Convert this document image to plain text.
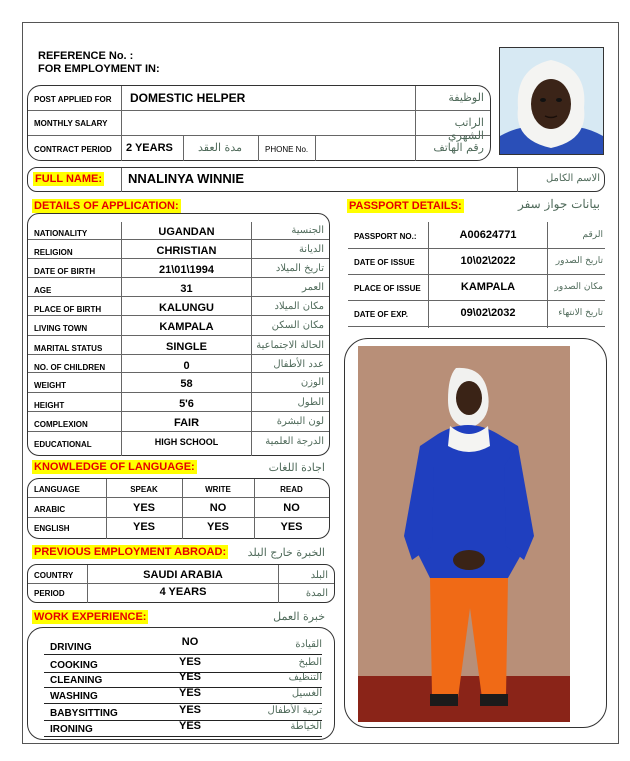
REFERENCE No. :
FOR EMPLOYMENT IN:
POST APPLIED FOR DOMESTIC HELPER	الوظيفة
MONTHLY SALARY	الراتب الشهري
CONTRACT PERIOD 2 YEARS	مدة العقد	PHONE No.	رقم الهاتف
FULL NAME: NNALINYA WINNIE	الاسم الكامل
DETAILS OF APPLICATION:
NATIONALITY	UGANDAN	الجنسية
RELIGION	CHRISTIAN	الديانة
DATE OF BIRTH	21\01\1994	تاريخ الميلاد
AGE	31	العمر
PLACE OF BIRTH	KALUNGU	مكان الميلاد
LIVING TOWN	KAMPALA	مكان السكن
MARITAL STATUS	SINGLE	الحالة الاجتماعية
NO. OF CHILDREN	0	عدد الأطفال
WEIGHT	58	الوزن
HEIGHT	5'6	الطول
COMPLEXION	FAIR	لون البشرة
EDUCATIONAL	HIGH SCHOOL	الدرجة العلمية
PASSPORT DETAILS:	بيانات جواز سفر
PASSPORT NO.:	A00624771	الرقم
DATE OF ISSUE	10\02\2022	تاريخ الصدور
PLACE OF ISSUE	KAMPALA	مكان الصدور
DATE OF EXP.	09\02\2032	تاريخ الانتهاء
KNOWLEDGE OF LANGUAGE:	اجادة اللغات
LANGUAGE	SPEAK	WRITE	READ
ARABIC	YES	NO	NO
ENGLISH	YES	YES	YES
PREVIOUS EMPLOYMENT ABROAD:	الخبرة خارج البلد
COUNTRY	SAUDI ARABIA	البلد
PERIOD	4 YEARS	المدة
WORK EXPERIENCE:	خبرة العمل
DRIVING	NO	القيادة
COOKING	YES	الطبخ
CLEANING	YES	التنظيف
WASHING	YES	الغسيل
BABYSITTING	YES	تربية الأطفال
IRONING	YES	الخياطة
